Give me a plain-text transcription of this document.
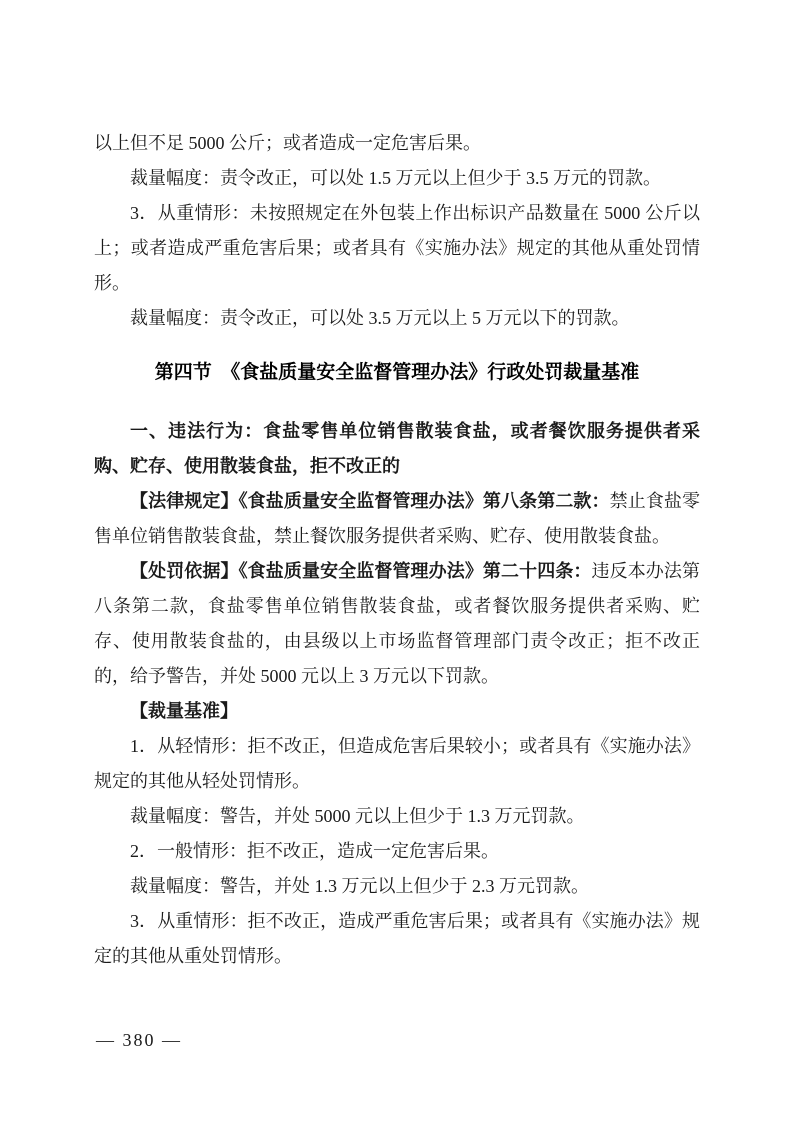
以上但不足 5000 公斤；或者造成一定危害后果。

裁量幅度：责令改正，可以处 1.5 万元以上但少于 3.5 万元的罚款。

3．从重情形：未按照规定在外包装上作出标识产品数量在 5000 公斤以上；或者造成严重危害后果；或者具有《实施办法》规定的其他从重处罚情形。

裁量幅度：责令改正，可以处 3.5 万元以上 5 万元以下的罚款。

第四节　《食盐质量安全监督管理办法》行政处罚裁量基准

一、违法行为：食盐零售单位销售散装食盐，或者餐饮服务提供者采购、贮存、使用散装食盐，拒不改正的

【法律规定】《食盐质量安全监督管理办法》第八条第二款：禁止食盐零售单位销售散装食盐，禁止餐饮服务提供者采购、贮存、使用散装食盐。

【处罚依据】《食盐质量安全监督管理办法》第二十四条：违反本办法第八条第二款，食盐零售单位销售散装食盐，或者餐饮服务提供者采购、贮存、使用散装食盐的，由县级以上市场监督管理部门责令改正；拒不改正的，给予警告，并处 5000 元以上 3 万元以下罚款。

【裁量基准】

1．从轻情形：拒不改正，但造成危害后果较小；或者具有《实施办法》规定的其他从轻处罚情形。

裁量幅度：警告，并处 5000 元以上但少于 1.3 万元罚款。

2．一般情形：拒不改正，造成一定危害后果。

裁量幅度：警告，并处 1.3 万元以上但少于 2.3 万元罚款。

3．从重情形：拒不改正，造成严重危害后果；或者具有《实施办法》规定的其他从重处罚情形。

— 380 —
